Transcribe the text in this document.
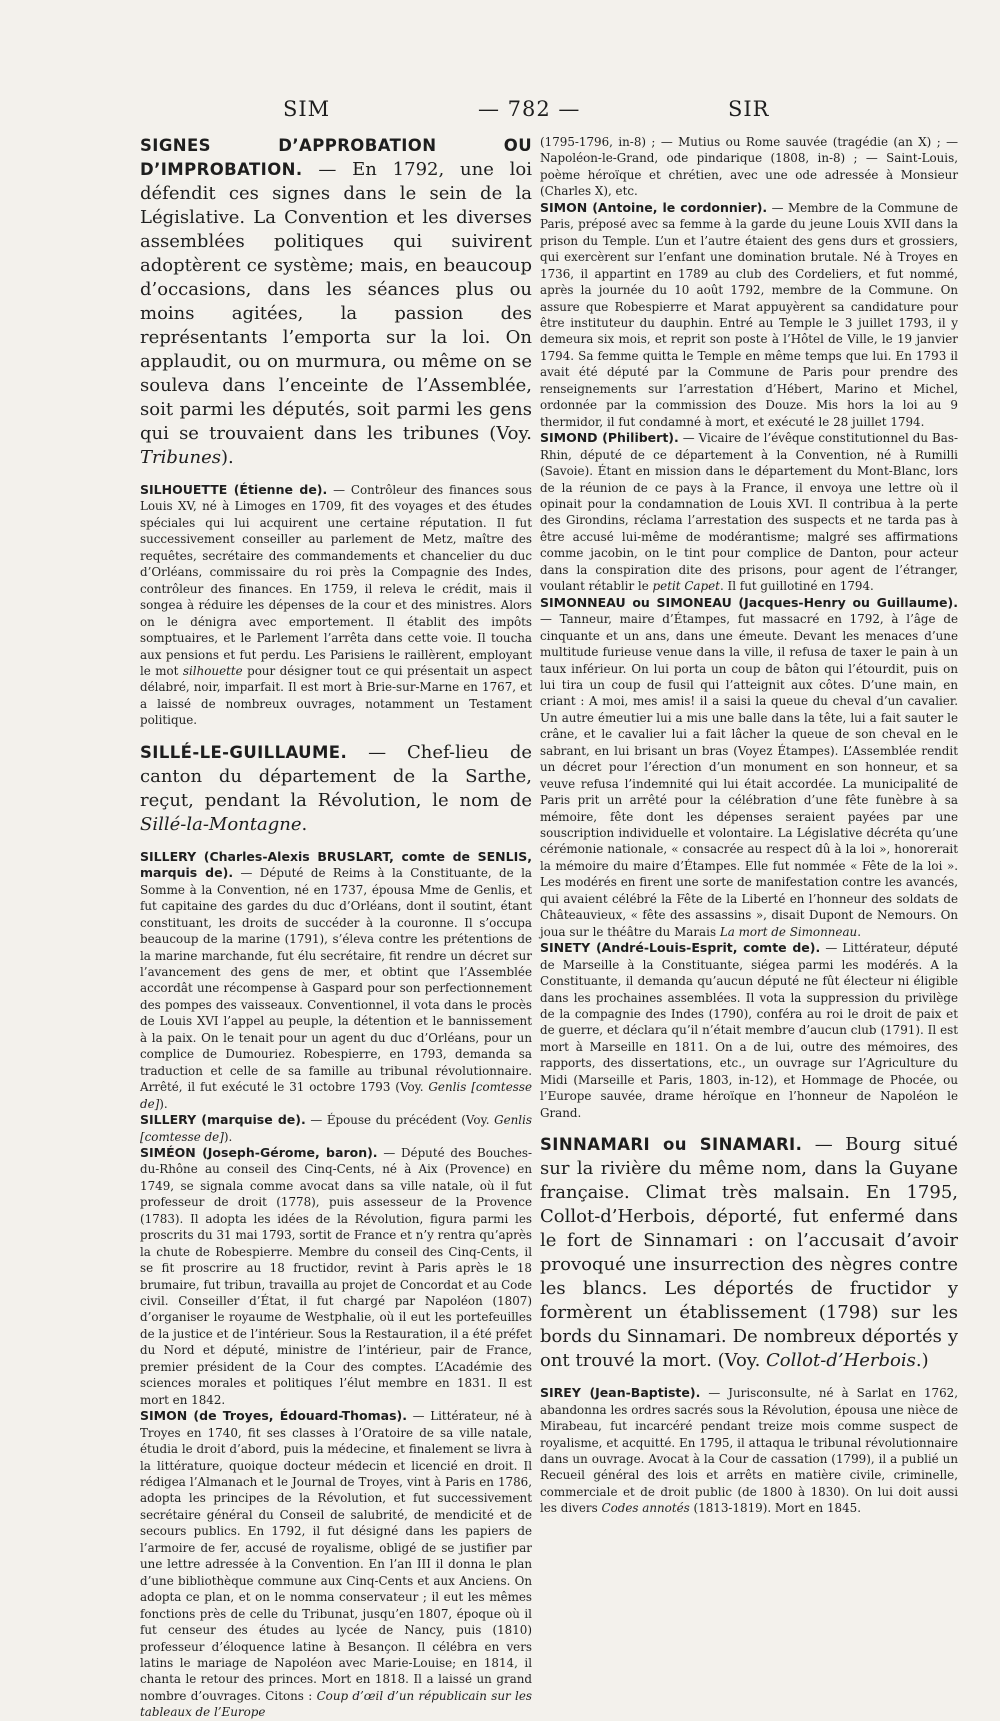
SIM	— 782 —	SIR

SIGNES D’APPROBATION OU D’IMPROBATION. — En 1792, une loi défendit ces signes dans le sein de la Législative. La Convention et les diverses assemblées politiques qui suivirent adoptèrent ce système; mais, en beaucoup d’occasions, dans les séances plus ou moins agitées, la passion des représentants l’emporta sur la loi. On applaudit, ou on murmura, ou même on se souleva dans l’enceinte de l’Assemblée, soit parmi les députés, soit parmi les gens qui se trouvaient dans les tribunes (Voy. Tribunes).

SILHOUETTE (Étienne de). — Contrôleur des finances sous Louis XV, né à Limoges en 1709, fit des voyages et des études spéciales qui lui acquirent une certaine réputation. Il fut successivement conseiller au parlement de Metz, maître des requêtes, secrétaire des commandements et chancelier du duc d’Orléans, commissaire du roi près la Compagnie des Indes, contrôleur des finances. En 1759, il releva le crédit, mais il songea à réduire les dépenses de la cour et des ministres. Alors on le dénigra avec emportement. Il établit des impôts somptuaires, et le Parlement l’arrêta dans cette voie. Il toucha aux pensions et fut perdu. Les Parisiens le raillèrent, employant le mot silhouette pour désigner tout ce qui présentait un aspect délabré, noir, imparfait. Il est mort à Brie-sur-Marne en 1767, et a laissé de nombreux ouvrages, notamment un Testament politique.

SILLÉ-LE-GUILLAUME. — Chef-lieu de canton du département de la Sarthe, reçut, pendant la Révolution, le nom de Sillé-la-Montagne.

SILLERY (Charles-Alexis BRUSLART, comte de SENLIS, marquis de). — Député de Reims à la Constituante, de la Somme à la Convention, né en 1737, épousa Mme de Genlis, et fut capitaine des gardes du duc d’Orléans, dont il soutint, étant constituant, les droits de succéder à la couronne. Il s’occupa beaucoup de la marine (1791), s’éleva contre les prétentions de la marine marchande, fut élu secrétaire, fit rendre un décret sur l’avancement des gens de mer, et obtint que l’Assemblée accordât une récompense à Gaspard pour son perfectionnement des pompes des vaisseaux. Conventionnel, il vota dans le procès de Louis XVI l’appel au peuple, la détention et le bannissement à la paix. On le tenait pour un agent du duc d’Orléans, pour un complice de Dumouriez. Robespierre, en 1793, demanda sa traduction et celle de sa famille au tribunal révolutionnaire. Arrêté, il fut exécuté le 31 octobre 1793 (Voy. Genlis [comtesse de]).

SILLERY (marquise de). — Épouse du précédent (Voy. Genlis [comtesse de]).

SIMÉON (Joseph-Gérome, baron). — Député des Bouches-du-Rhône au conseil des Cinq-Cents, né à Aix (Provence) en 1749, se signala comme avocat dans sa ville natale, où il fut professeur de droit (1778), puis assesseur de la Provence (1783). Il adopta les idées de la Révolution, figura parmi les proscrits du 31 mai 1793, sortit de France et n’y rentra qu’après la chute de Robespierre. Membre du conseil des Cinq-Cents, il se fit proscrire au 18 fructidor, revint à Paris après le 18 brumaire, fut tribun, travailla au projet de Concordat et au Code civil. Conseiller d’État, il fut chargé par Napoléon (1807) d’organiser le royaume de Westphalie, où il eut les portefeuilles de la justice et de l’intérieur. Sous la Restauration, il a été préfet du Nord et député, ministre de l’intérieur, pair de France, premier président de la Cour des comptes. L’Académie des sciences morales et politiques l’élut membre en 1831. Il est mort en 1842.

SIMON (de Troyes, Édouard-Thomas). — Littérateur, né à Troyes en 1740, fit ses classes à l’Oratoire de sa ville natale, étudia le droit d’abord, puis la médecine, et finalement se livra à la littérature, quoique docteur médecin et licencié en droit. Il rédigea l’Almanach et le Journal de Troyes, vint à Paris en 1786, adopta les principes de la Révolution, et fut successivement secrétaire général du Conseil de salubrité, de mendicité et de secours publics. En 1792, il fut désigné dans les papiers de l’armoire de fer, accusé de royalisme, obligé de se justifier par une lettre adressée à la Convention. En l’an III il donna le plan d’une bibliothèque commune aux Cinq-Cents et aux Anciens. On adopta ce plan, et on le nomma conservateur ; il eut les mêmes fonctions près de celle du Tribunat, jusqu’en 1807, époque où il fut censeur des études au lycée de Nancy, puis (1810) professeur d’éloquence latine à Besançon. Il célébra en vers latins le mariage de Napoléon avec Marie-Louise; en 1814, il chanta le retour des princes. Mort en 1818. Il a laissé un grand nombre d’ouvrages. Citons : Coup d’œil d’un républicain sur les tableaux de l’Europe

(1795-1796, in-8) ; — Mutius ou Rome sauvée (tragédie (an X) ; — Napoléon-le-Grand, ode pindarique (1808, in-8) ; — Saint-Louis, poème héroïque et chrétien, avec une ode adressée à Monsieur (Charles X), etc.

SIMON (Antoine, le cordonnier). — Membre de la Commune de Paris, préposé avec sa femme à la garde du jeune Louis XVII dans la prison du Temple. L’un et l’autre étaient des gens durs et grossiers, qui exercèrent sur l’enfant une domination brutale. Né à Troyes en 1736, il appartint en 1789 au club des Cordeliers, et fut nommé, après la journée du 10 août 1792, membre de la Commune. On assure que Robespierre et Marat appuyèrent sa candidature pour être instituteur du dauphin. Entré au Temple le 3 juillet 1793, il y demeura six mois, et reprit son poste à l’Hôtel de Ville, le 19 janvier 1794. Sa femme quitta le Temple en même temps que lui. En 1793 il avait été député par la Commune de Paris pour prendre des renseignements sur l’arrestation d’Hébert, Marino et Michel, ordonnée par la commission des Douze. Mis hors la loi au 9 thermidor, il fut condamné à mort, et exécuté le 28 juillet 1794.

SIMOND (Philibert). — Vicaire de l’évêque constitutionnel du Bas-Rhin, député de ce département à la Convention, né à Rumilli (Savoie). Étant en mission dans le département du Mont-Blanc, lors de la réunion de ce pays à la France, il envoya une lettre où il opinait pour la condamnation de Louis XVI. Il contribua à la perte des Girondins, réclama l’arrestation des suspects et ne tarda pas à être accusé lui-même de modérantisme; malgré ses affirmations comme jacobin, on le tint pour complice de Danton, pour acteur dans la conspiration dite des prisons, pour agent de l’étranger, voulant rétablir le petit Capet. Il fut guillotiné en 1794.

SIMONNEAU ou SIMONEAU (Jacques-Henry ou Guillaume). — Tanneur, maire d’Étampes, fut massacré en 1792, à l’âge de cinquante et un ans, dans une émeute. Devant les menaces d’une multitude furieuse venue dans la ville, il refusa de taxer le pain à un taux inférieur. On lui porta un coup de bâton qui l’étourdit, puis on lui tira un coup de fusil qui l’atteignit aux côtes. D’une main, en criant : A moi, mes amis! il a saisi la queue du cheval d’un cavalier. Un autre émeutier lui a mis une balle dans la tête, lui a fait sauter le crâne, et le cavalier lui a fait lâcher la queue de son cheval en le sabrant, en lui brisant un bras (Voyez Étampes). L’Assemblée rendit un décret pour l’érection d’un monument en son honneur, et sa veuve refusa l’indemnité qui lui était accordée. La municipalité de Paris prit un arrêté pour la célébration d’une fête funèbre à sa mémoire, fête dont les dépenses seraient payées par une souscription individuelle et volontaire. La Législative décréta qu’une cérémonie nationale, « consacrée au respect dû à la loi », honorerait la mémoire du maire d’Étampes. Elle fut nommée « Fête de la loi ». Les modérés en firent une sorte de manifestation contre les avancés, qui avaient célébré la Fête de la Liberté en l’honneur des soldats de Châteauvieux, « fête des assassins », disait Dupont de Nemours. On joua sur le théâtre du Marais La mort de Simonneau.

SINETY (André-Louis-Esprit, comte de). — Littérateur, député de Marseille à la Constituante, siégea parmi les modérés. A la Constituante, il demanda qu’aucun député ne fût électeur ni éligible dans les prochaines assemblées. Il vota la suppression du privilège de la compagnie des Indes (1790), conféra au roi le droit de paix et de guerre, et déclara qu’il n’était membre d’aucun club (1791). Il est mort à Marseille en 1811. On a de lui, outre des mémoires, des rapports, des dissertations, etc., un ouvrage sur l’Agriculture du Midi (Marseille et Paris, 1803, in-12), et Hommage de Phocée, ou l’Europe sauvée, drame héroïque en l’honneur de Napoléon le Grand.

SINNAMARI ou SINAMARI. — Bourg situé sur la rivière du même nom, dans la Guyane française. Climat très malsain. En 1795, Collot-d’Herbois, déporté, fut enfermé dans le fort de Sinnamari : on l’accusait d’avoir provoqué une insurrection des nègres contre les blancs. Les déportés de fructidor y formèrent un établissement (1798) sur les bords du Sinnamari. De nombreux déportés y ont trouvé la mort. (Voy. Collot-d’Herbois.)

SIREY (Jean-Baptiste). — Jurisconsulte, né à Sarlat en 1762, abandonna les ordres sacrés sous la Révolution, épousa une nièce de Mirabeau, fut incarcéré pendant treize mois comme suspect de royalisme, et acquitté. En 1795, il attaqua le tribunal révolutionnaire dans un ouvrage. Avocat à la Cour de cassation (1799), il a publié un Recueil général des lois et arrêts en matière civile, criminelle, commerciale et de droit public (de 1800 à 1830). On lui doit aussi les divers Codes annotés (1813-1819). Mort en 1845.
